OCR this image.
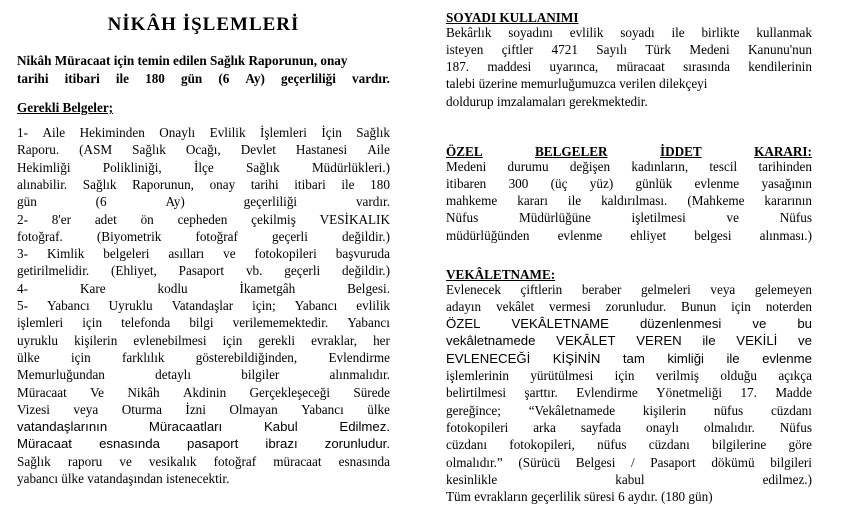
NİKÂH İŞLEMLERİ
Nikâh Müracaat için temin edilen Sağlık Raporunun, onay
tarihi itibari ile 180 gün (6 Ay) geçerliliği vardır.
Gerekli Belgeler;
1- Aile Hekiminden Onaylı Evlilik İşlemleri İçin Sağlık
Raporu. (ASM Sağlık Ocağı, Devlet Hastanesi Aile
Hekimliği Polikliniği, İlçe Sağlık Müdürlükleri.)
alınabilir. Sağlık Raporunun, onay tarihi itibari ile 180
gün	(6	Ay)	geçerliliği	vardır.
2- 8'er adet ön cepheden çekilmiş VESİKALIK
fotoğraf.	(Biyometrik	fotoğraf	geçerli	değildir.)
3- Kimlik belgeleri asılları ve fotokopileri başvuruda
getirilmelidir. (Ehliyet, Pasaport vb. geçerli değildir.)
4-	Kare	kodlu	İkametgâh	Belgesi.
5- Yabancı Uyruklu Vatandaşlar için; Yabancı evlilik
işlemleri için telefonda bilgi verilememektedir. Yabancı
uyruklu kişilerin evlenebilmesi için gerekli evraklar, her
ülke için farklılık gösterebildiğinden, Evlendirme
Memurluğundan	detaylı	bilgiler	alınmalıdır.
Müracaat Ve Nikâh Akdinin Gerçekleşeceği Sürede
Vizesi veya Oturma İzni Olmayan Yabancı ülke
vatandaşlarının	Müracaatları	Kabul	Edilmez.
Müracaat esnasında pasaport ibrazı zorunludur.
Sağlık raporu ve vesikalık fotoğraf müracaat esnasında
yabancı ülke vatandaşından istenecektir.
SOYADI KULLANIMI
Bekârlık soyadını evlilik soyadı ile birlikte kullanmak
isteyen çiftler 4721 Sayılı Türk Medeni Kanunu'nun
187. maddesi uyarınca, müracaat sırasında kendilerinin
talebi üzerine memurluğumuzca verilen dilekçeyi
doldurup imzalamaları gerekmektedir.
ÖZEL	BELGELER	İDDET	KARARI:
Medeni durumu değişen kadınların, tescil tarihinden
itibaren 300 (üç yüz) günlük evlenme yasağının
mahkeme kararı ile kaldırılması. (Mahkeme kararının
Nüfus	Müdürlüğüne	işletilmesi	ve	Nüfus
müdürlüğünden evlenme ehliyet belgesi alınması.)
VEKÂLETNAME:
Evlenecek çiftlerin beraber gelmeleri veya gelemeyen
adayın vekâlet vermesi zorunludur. Bunun için noterden
ÖZEL VEKÂLETNAME düzenlenmesi ve bu
vekâletnamede VEKÂLET VEREN ile VEKİLİ ve
EVLENECEĞİ KİŞİNİN tam kimliği ile evlenme
işlemlerinin yürütülmesi için verilmiş olduğu açıkça
belirtilmesi şarttır. Evlendirme Yönetmeliği 17. Madde
gereğince; “Vekâletnamede kişilerin nüfus cüzdanı
fotokopileri arka sayfada onaylı olmalıdır. Nüfus
cüzdanı fotokopileri, nüfus cüzdanı bilgilerine göre
olmalıdır.” (Sürücü Belgesi / Pasaport dökümü bilgileri
kesinlikle	kabul	edilmez.)
Tüm evrakların geçerlilik süresi 6 aydır. (180 gün)
